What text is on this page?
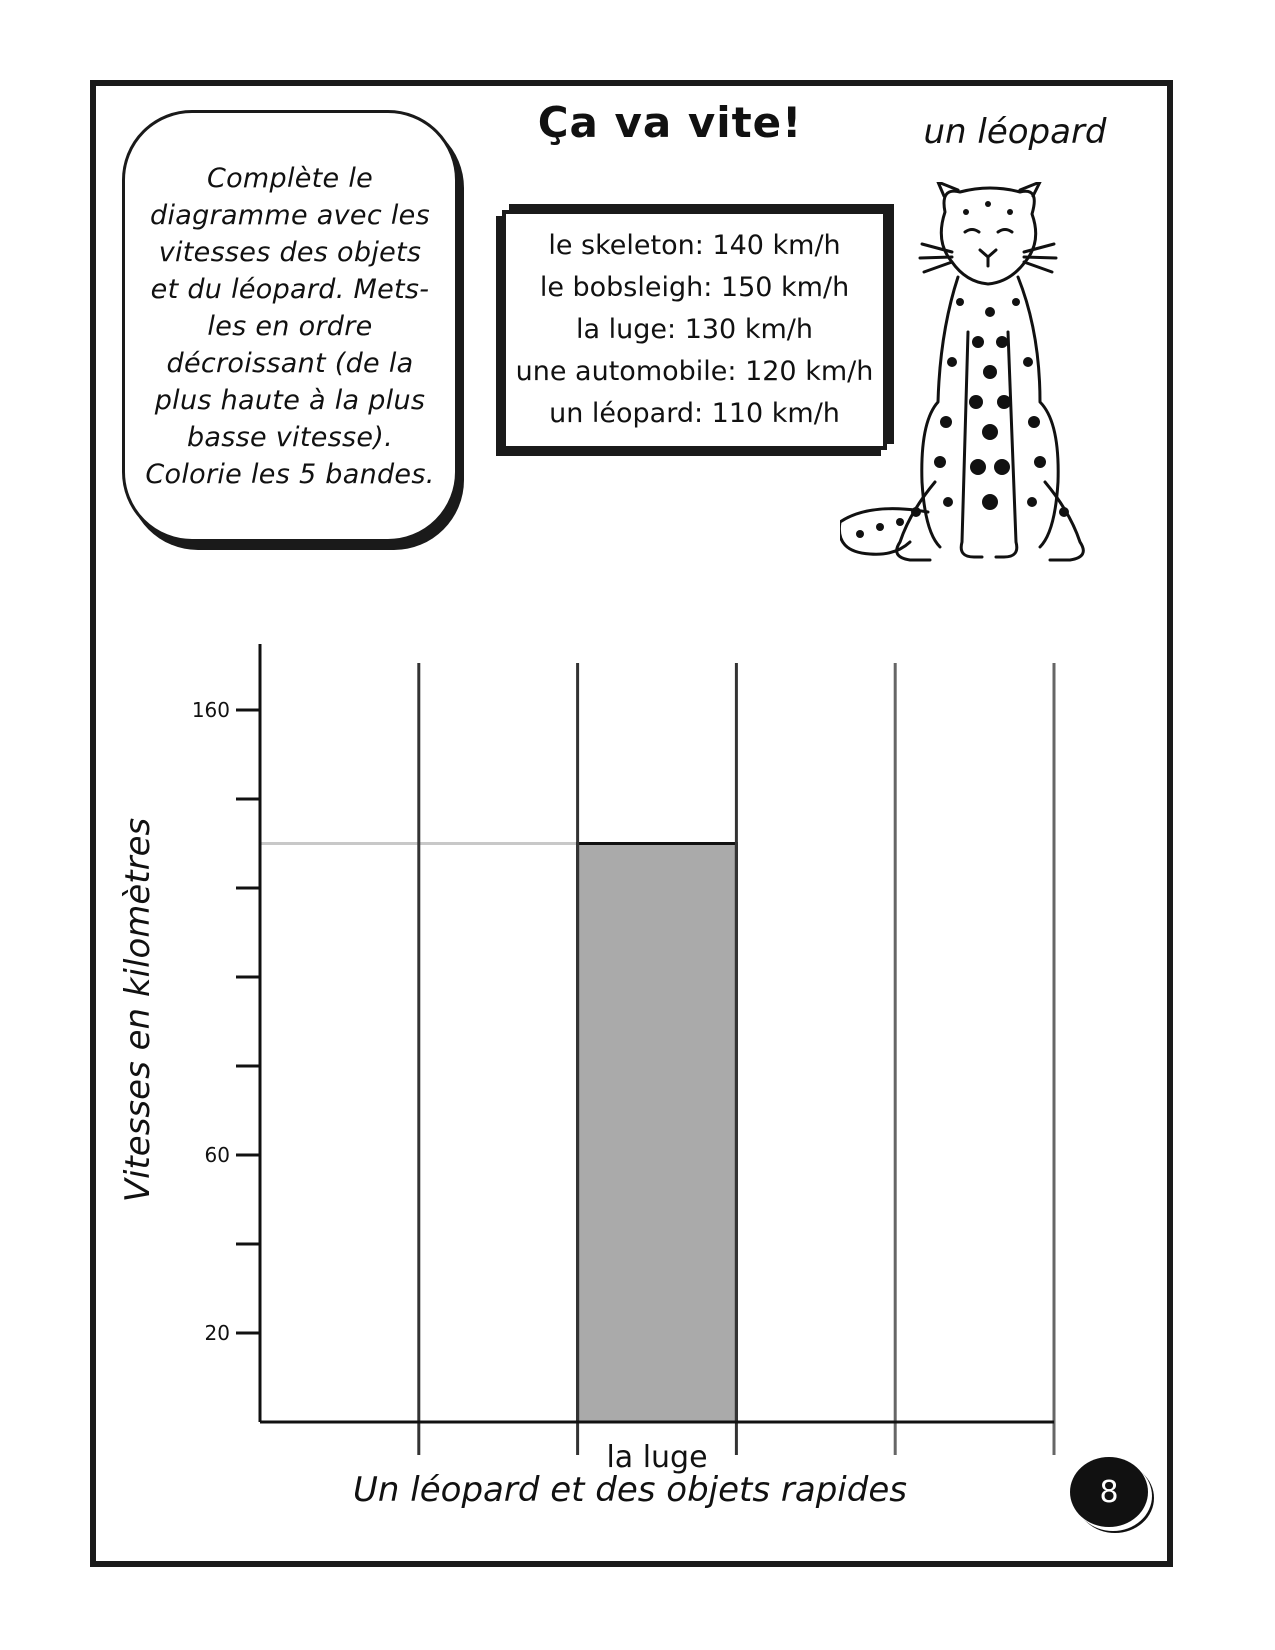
Complète le diagramme avec les vitesses des objets et du léopard. Mets-les en ordre décroissant (de la plus haute à la plus basse vitesse). Colorie les 5 bandes.
Ça va vite!	un léopard
le skeleton: 140 km/h
le bobsleigh: 150 km/h
la luge: 130 km/h
une automobile: 120 km/h
un léopard: 110 km/h
Vitesses en kilomètres
Un léopard et des objets rapides
20
60
160
la luge
8
